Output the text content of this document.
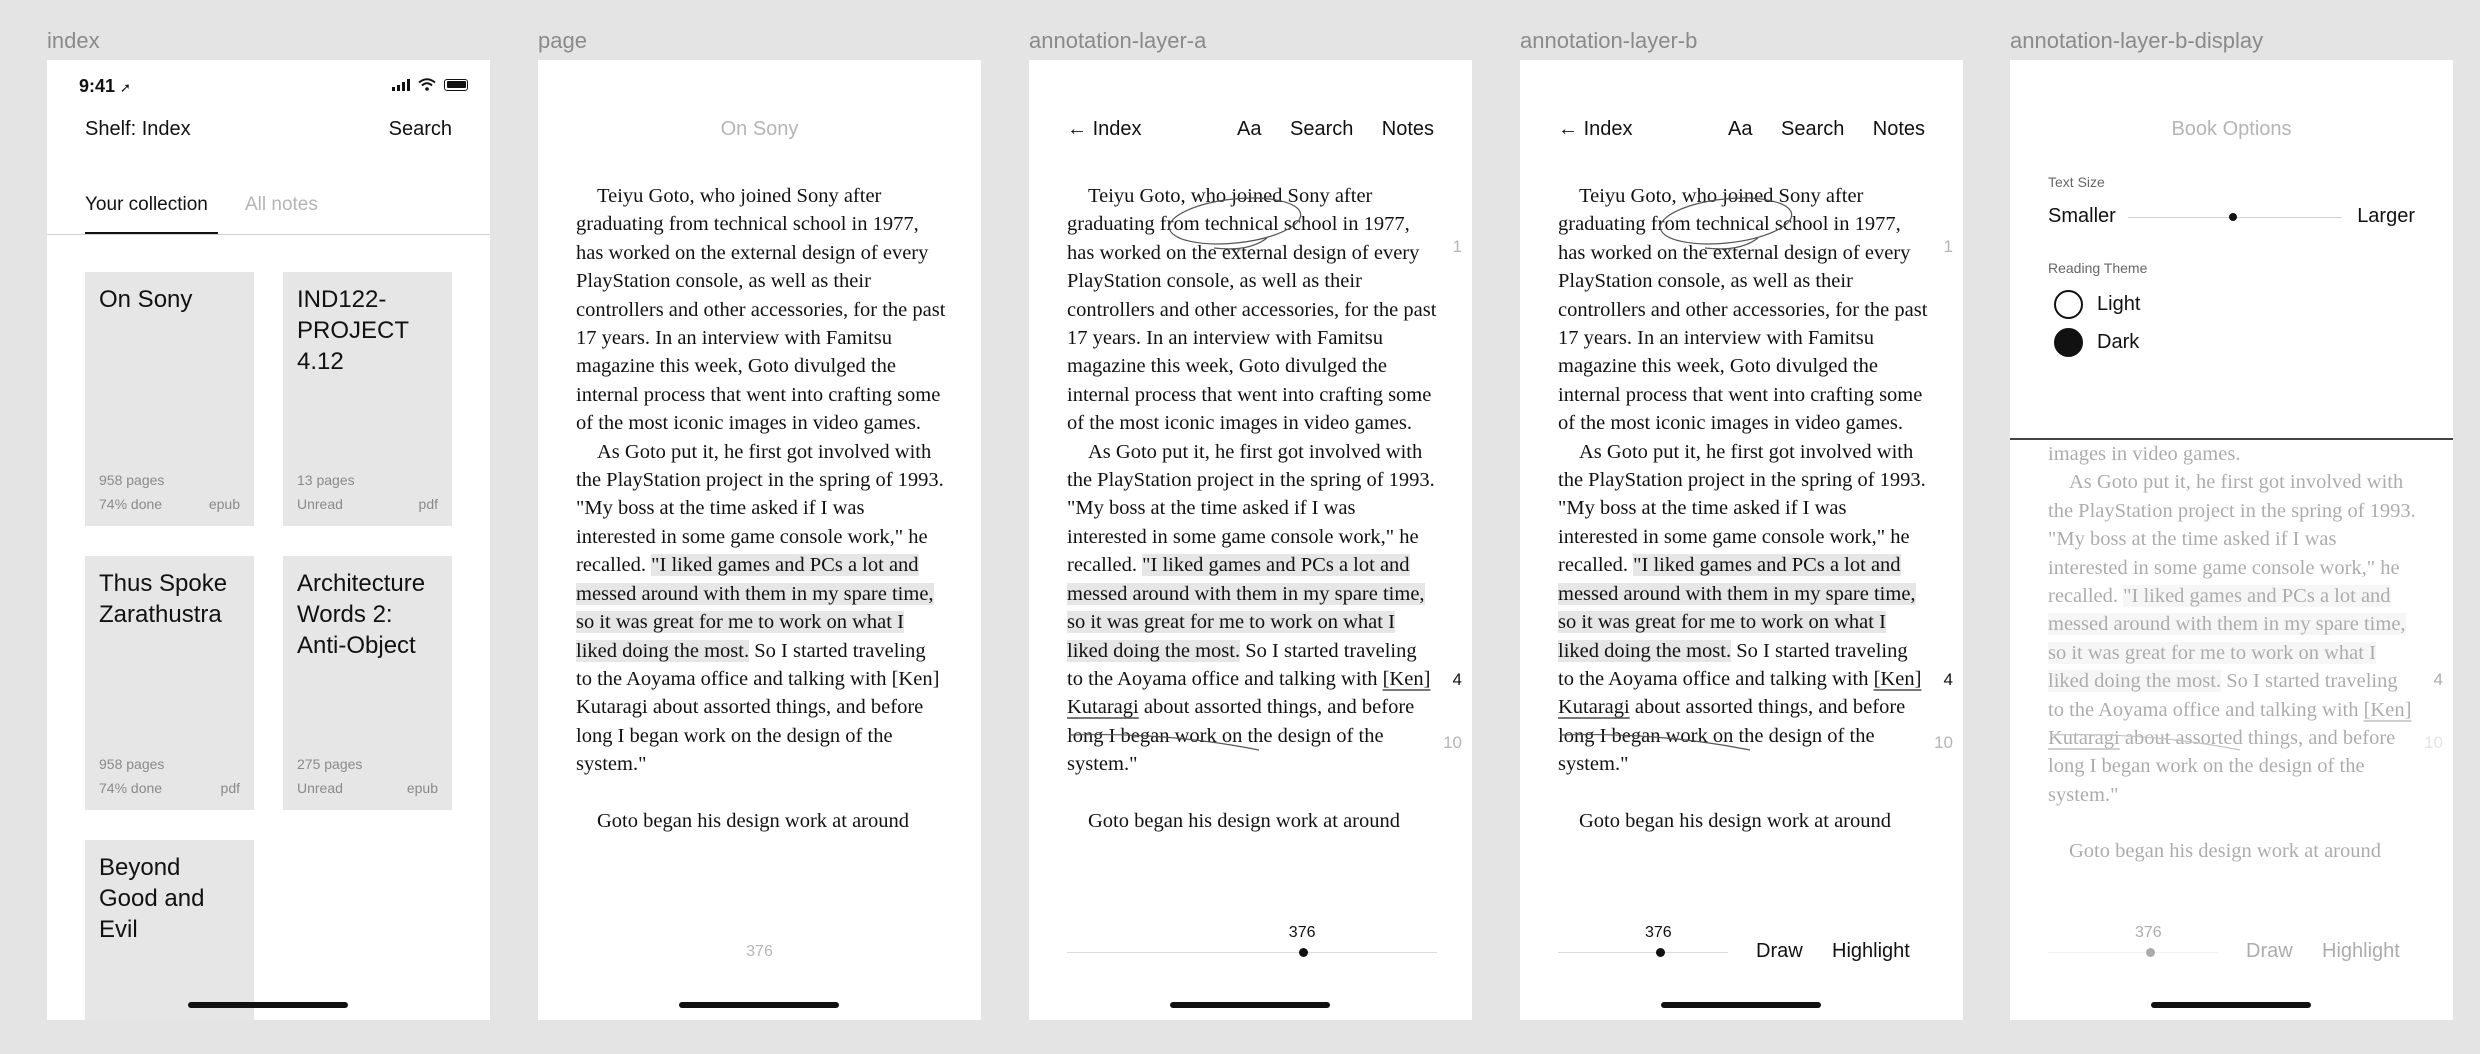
index	page	annotation-layer-a	annotation-layer-b	annotation-layer-b-display
9:41 ➚
Shelf: Index	Search
Your collection All notes
On Sony
958 pages
74% done	epub
IND122-PROJECT 4.12
13 pages
Unread	pdf
Thus Spoke Zarathustra
958 pages
74% done	pdf
Architecture Words 2: Anti-Object
275 pages
Unread	epub
Beyond Good and Evil
On Sony

Teiyu Goto, who joined Sony after graduating from technical school in 1977, has worked on the external design of every PlayStation console, as well as their controllers and other accessories, for the past 17 years. In an interview with Famitsu magazine this week, Goto divulged the internal process that went into crafting some of the most iconic images in video games.

As Goto put it, he first got involved with the PlayStation project in the spring of 1993. "My boss at the time asked if I was interested in some game console work," he recalled. "I liked games and PCs a lot and messed around with them in my spare time, so it was great for me to work on what I liked doing the most. So I started traveling to the Aoyama office and talking with [Ken] Kutaragi about assorted things, and before long I began work on the design of the system."

Goto began his design work at around

376
← Index	Aa Search Notes

Teiyu Goto, who joined Sony after graduating from technical school in 1977, has worked on the external design of every PlayStation console, as well as their controllers and other accessories, for the past 17 years. In an interview with Famitsu magazine this week, Goto divulged the internal process that went into crafting some of the most iconic images in video games.

As Goto put it, he first got involved with the PlayStation project in the spring of 1993. "My boss at the time asked if I was interested in some game console work," he recalled. "I liked games and PCs a lot and messed around with them in my spare time, so it was great for me to work on what I liked doing the most. So I started traveling to the Aoyama office and talking with [Ken] Kutaragi about assorted things, and before long I began work on the design of the system."

Goto began his design work at around

1
4
10
376
← Index	Aa Search Notes

Teiyu Goto, who joined Sony after graduating from technical school in 1977, has worked on the external design of every PlayStation console, as well as their controllers and other accessories, for the past 17 years. In an interview with Famitsu magazine this week, Goto divulged the internal process that went into crafting some of the most iconic images in video games.

As Goto put it, he first got involved with the PlayStation project in the spring of 1993. "My boss at the time asked if I was interested in some game console work," he recalled. "I liked games and PCs a lot and messed around with them in my spare time, so it was great for me to work on what I liked doing the most. So I started traveling to the Aoyama office and talking with [Ken] Kutaragi about assorted things, and before long I began work on the design of the system."

Goto began his design work at around

1
4
10
376
Draw Highlight
Book Options
Text Size
Smaller	Larger
Reading Theme
Light
Dark

images in video games.

As Goto put it, he first got involved with the PlayStation project in the spring of 1993. "My boss at the time asked if I was interested in some game console work," he recalled. "I liked games and PCs a lot and messed around with them in my spare time, so it was great for me to work on what I liked doing the most. So I started traveling to the Aoyama office and talking with [Ken] Kutaragi about assorted things, and before long I began work on the design of the system."

Goto began his design work at around

4
10
376
Draw Highlight
